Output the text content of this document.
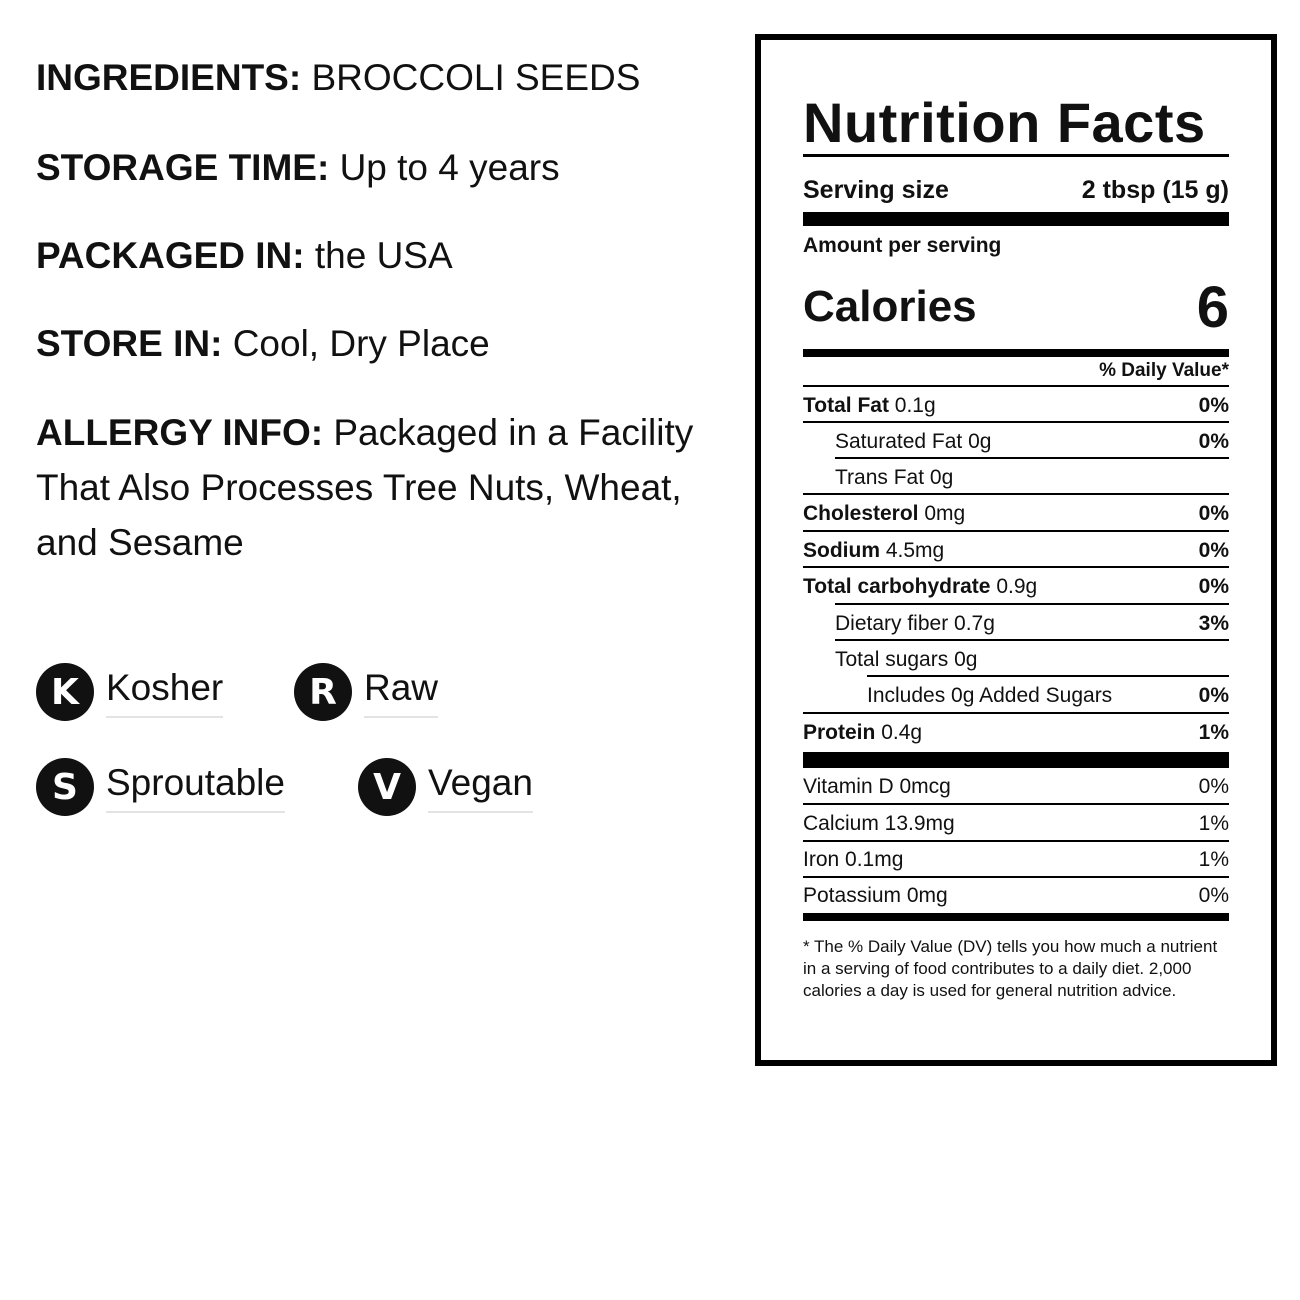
INGREDIENTS: BROCCOLI SEEDS
STORAGE TIME: Up to 4 years
PACKAGED IN: the USA
STORE IN: Cool, Dry Place
ALLERGY INFO: Packaged in a Facility That Also Processes Tree Nuts, Wheat, and Sesame
K Kosher	R Raw
S Sproutable	V Vegan
Nutrition Facts
Serving size	2 tbsp (15 g)
Amount per serving
Calories	6
% Daily Value*
Total Fat 0.1g	0%
Saturated Fat 0g	0%
Trans Fat 0g
Cholesterol 0mg	0%
Sodium 4.5mg	0%
Total carbohydrate 0.9g	0%
Dietary fiber 0.7g	3%
Total sugars 0g
Includes 0g Added Sugars	0%
Protein 0.4g	1%
Vitamin D 0mcg	0%
Calcium 13.9mg	1%
Iron 0.1mg	1%
Potassium 0mg	0%
* The % Daily Value (DV) tells you how much a nutrient in a serving of food contributes to a daily diet. 2,000 calories a day is used for general nutrition advice.
